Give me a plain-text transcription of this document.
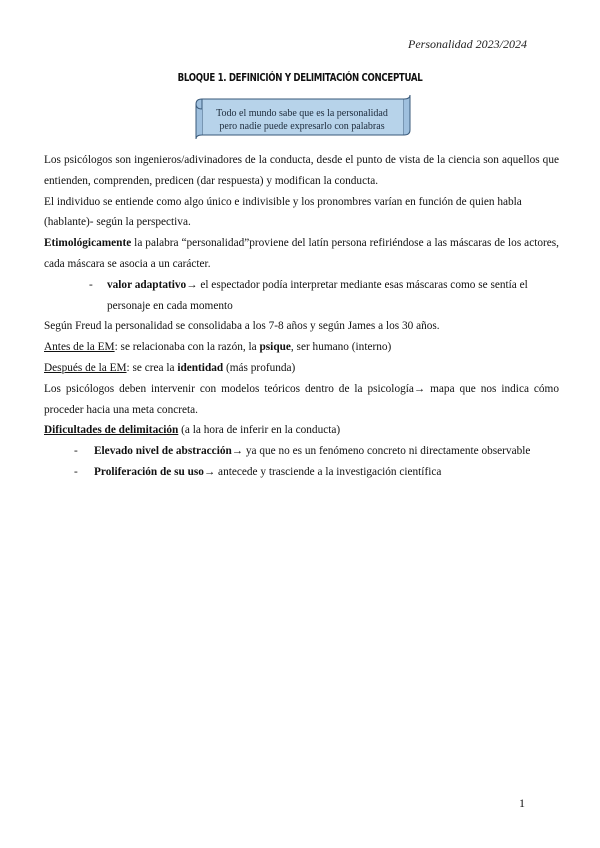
Personalidad 2023/2024
BLOQUE 1. DEFINICIÓN Y DELIMITACIÓN CONCEPTUAL
Todo el mundo sabe que es la personalidad
pero nadie puede expresarlo con palabras

Los psicólogos son ingenieros/adivinadores de la conducta, desde el punto de vista de la ciencia son aquellos que entienden, comprenden, predicen (dar respuesta) y modifican la conducta.

El individuo se entiende como algo único e indivisible y los pronombres varían en función de quien habla (hablante)- según la perspectiva.

Etimológicamente la palabra “personalidad”proviene del latín persona refiriéndose a las máscaras de los actores, cada máscara se asocia a un carácter.

- valor adaptativo→ el espectador podía interpretar mediante esas máscaras como se sentía el personaje en cada momento

Según Freud la personalidad se consolidaba a los 7-8 años y según James a los 30 años.

Antes de la EM: se relacionaba con la razón, la psique, ser humano (interno)

Después de la EM: se crea la identidad (más profunda)

Los psicólogos deben intervenir con modelos teóricos dentro de la psicología→ mapa que nos indica cómo proceder hacia una meta concreta.

Dificultades de delimitación (a la hora de inferir en la conducta)

- Elevado nivel de abstracción→ ya que no es un fenómeno concreto ni directamente observable

- Proliferación de su uso→ antecede y trasciende a la investigación científica

1
